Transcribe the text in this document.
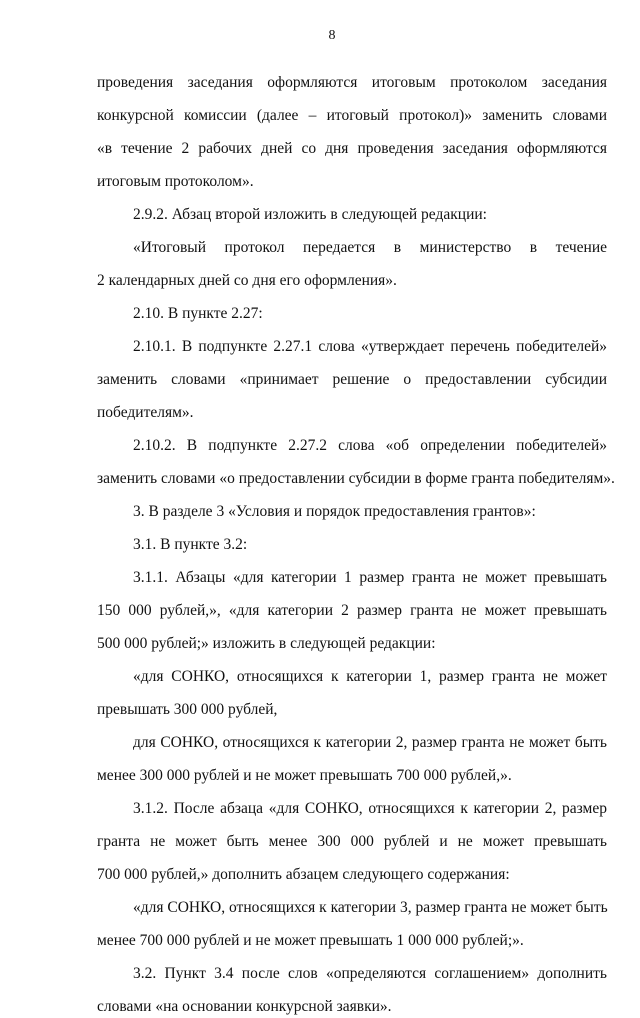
8
проведения заседания оформляются итоговым протоколом заседания
конкурсной комиссии (далее – итоговый протокол)» заменить словами
«в течение 2 рабочих дней со дня проведения заседания оформляются
итоговым протоколом».
2.9.2. Абзац второй изложить в следующей редакции:
«Итоговый протокол передается в министерство в течение
2 календарных дней со дня его оформления».
2.10. В пункте 2.27:
2.10.1. В подпункте 2.27.1 слова «утверждает перечень победителей»
заменить словами «принимает решение о предоставлении субсидии
победителям».
2.10.2. В подпункте 2.27.2 слова «об определении победителей»
заменить словами «о предоставлении субсидии в форме гранта победителям».
3. В разделе 3 «Условия и порядок предоставления грантов»:
3.1. В пункте 3.2:
3.1.1. Абзацы «для категории 1 размер гранта не может превышать
150 000 рублей,», «для категории 2 размер гранта не может превышать
500 000 рублей;» изложить в следующей редакции:
«для СОНКО, относящихся к категории 1, размер гранта не может
превышать 300 000 рублей,
для СОНКО, относящихся к категории 2, размер гранта не может быть
менее 300 000 рублей и не может превышать 700 000 рублей,».
3.1.2. После абзаца «для СОНКО, относящихся к категории 2, размер
гранта не может быть менее 300 000 рублей и не может превышать
700 000 рублей,» дополнить абзацем следующего содержания:
«для СОНКО, относящихся к категории 3, размер гранта не может быть
менее 700 000 рублей и не может превышать 1 000 000 рублей;».
3.2. Пункт 3.4 после слов «определяются соглашением» дополнить
словами «на основании конкурсной заявки».
